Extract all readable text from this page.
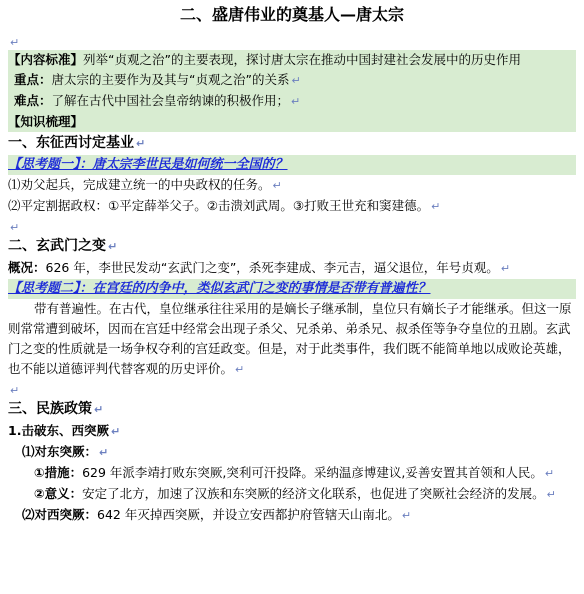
二、盛唐伟业的奠基人—唐太宗
↵
【内容标准】列举“贞观之治”的主要表现，探讨唐太宗在推动中国封建社会发展中的历史作用
重点：唐太宗的主要作为及其与“贞观之治”的关系 ↵
难点：了解在古代中国社会皇帝纳谏的积极作用； ↵
【知识梳理】
一、东征西讨定基业 ↵
【思考题一】：唐太宗李世民是如何统一全国的？
⑴劝父起兵，完成建立统一的中央政权的任务。 ↵
⑵平定割据政权：①平定薛举父子。②击溃刘武周。③打败王世充和窦建德。 ↵
↵
二、玄武门之变 ↵
概况：626 年，李世民发动“玄武门之变”，杀死李建成、李元吉，逼父退位，年号贞观。 ↵
【思考题二】：在宫廷的内争中，类似玄武门之变的事情是否带有普遍性？
带有普遍性。在古代，皇位继承往往采用的是嫡长子继承制，皇位只有嫡长子才能继承。但这一原则常常遭到破坏，因而在宫廷中经常会出现子杀父、兄杀弟、弟杀兄、叔杀侄等争夺皇位的丑剧。玄武门之变的性质就是一场争权夺利的宫廷政变。但是，对于此类事件，我们既不能简单地以成败论英雄，也不能以道德评判代替客观的历史评价。 ↵
↵
三、民族政策 ↵
1.击破东、西突厥 ↵
⑴对东突厥： ↵
①措施：629 年派李靖打败东突厥,突利可汗投降。采纳温彦博建议,妥善安置其首领和人民。 ↵
②意义：安定了北方，加速了汉族和东突厥的经济文化联系，也促进了突厥社会经济的发展。 ↵
⑵对西突厥：642 年灭掉西突厥，并设立安西都护府管辖天山南北。 ↵
